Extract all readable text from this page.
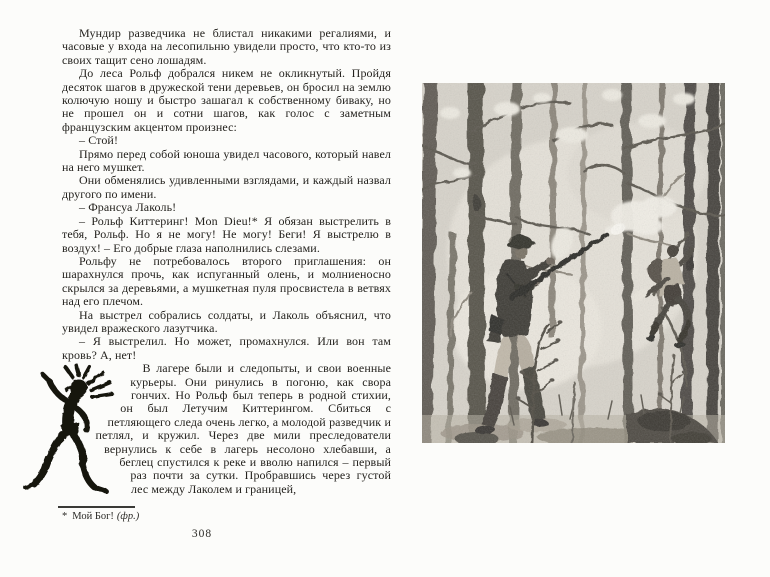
Мундир разведчика не блистал никакими регалиями, и часовые у входа на лесопильню увидели просто, что кто-то из своих тащит сено лошадям.

До леса Рольф добрался никем не окликнутый. Пройдя десяток шагов в дружеской тени деревьев, он бросил на землю колючую ношу и быстро зашагал к собственному биваку, но не прошел он и сотни шагов, как голос с заметным французским акцентом произнес:

– Стой!

Прямо перед собой юноша увидел часового, который навел на него мушкет.

Они обменялись удивленными взглядами, и каждый назвал другого по имени.

– Франсуа Лаколь!

– Рольф Киттеринг! Mon Dieu!* Я обязан выстрелить в тебя, Рольф. Но я не могу! Не могу! Беги! Я выстрелю в воздух! – Его добрые глаза наполнились слезами.

Рольфу не потребовалось второго приглашения: он шарахнулся прочь, как испуганный олень, и молниеносно скрылся за деревьями, а мушкетная пуля просвистела в ветвях над его плечом.

На выстрел собрались солдаты, и Лаколь объяснил, что увидел вражеского лазутчика.

– Я выстрелил. Но может, промахнулся. Или вон там кровь? А, нет!

В лагере были и следопыты, и свои военные курьеры. Они ринулись в погоню, как свора гончих. Но Рольф был теперь в родной стихии, он был Летучим Киттерингом. Сбиться с петляющего следа очень легко, а молодой разведчик и петлял, и кружил. Через две мили преследователи вернулись к себе в лагерь несолоно хлебавши, а беглец спустился к реке и вволю напился – первый раз почти за сутки. Пробравшись через густой лес между Лаколем и границей,

* Мой Бог! (фр.)
308
